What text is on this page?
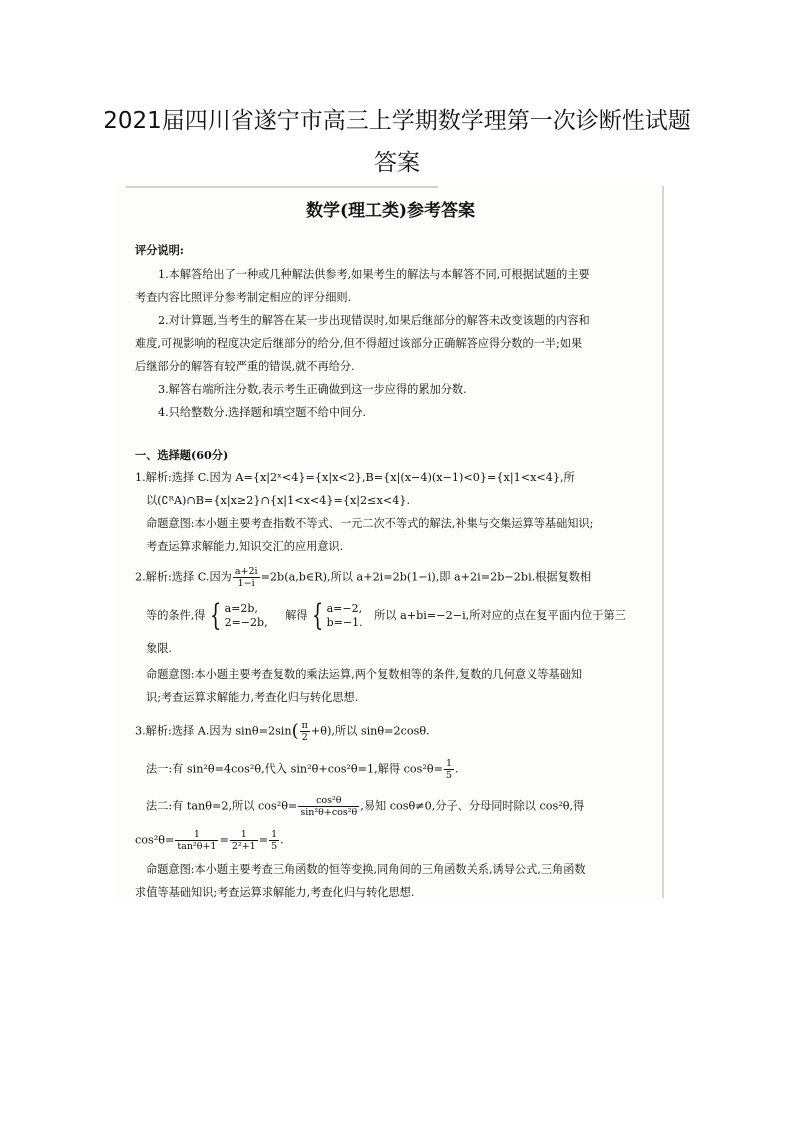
2021届四川省遂宁市高三上学期数学理第一次诊断性试题
答案
数学(理工类)参考答案
评分说明:
1.本解答给出了一种或几种解法供参考,如果考生的解法与本解答不同,可根据试题的主要
考查内容比照评分参考制定相应的评分细则.
2.对计算题,当考生的解答在某一步出现错误时,如果后继部分的解答未改变该题的内容和
难度,可视影响的程度决定后继部分的给分,但不得超过该部分正确解答应得分数的一半;如果
后继部分的解答有较严重的错误,就不再给分.
3.解答右端所注分数,表示考生正确做到这一步应得的累加分数.
4.只给整数分.选择题和填空题不给中间分.
一、选择题(60分)
1.解析:选择 C.因为 A={x|2ˣ<4}={x|x<2},B={x|(x−4)(x−1)<0}={x|1<x<4},所
以(∁ᴿA)∩B={x|x≥2}∩{x|1<x<4}={x|2≤x<4}.
命题意图:本小题主要考查指数不等式、一元二次不等式的解法,补集与交集运算等基础知识;
考查运算求解能力,知识交汇的应用意识.
2.解析:选择 C.因为 $\frac{a+2i}{1-i}$ =2b(a,b∈R),所以 a+2i=2b(1−i),即 a+2i=2b−2bi.根据复数相
等的条件,得 { a=2b,
2=−2b,
解得 { a=−2,
b=−1.
所以 a+bi=−2−i,所对应的点在复平面内位于第三
象限.
命题意图:本小题主要考查复数的乘法运算,两个复数相等的条件,复数的几何意义等基础知
识;考查运算求解能力,考查化归与转化思想.
3.解析:选择 A.因为 $\sin\theta=2\sin( \frac{\pi}{2} +\theta)$,所以 sinθ=2cosθ.
法一:有 sin²θ=4cos²θ,代入 sin²θ+cos²θ=1,解得 $\cos^2\theta= \frac{1}{5}$ .
法二:有 tanθ=2,所以 $\cos^2\theta= \frac{\text{cos²θ}}{\text{sin²θ+cos²θ}}$ ,易知 cosθ≠0,分子、分母同时除以 cos²θ,得
$\cos^2\theta= \frac{1}{\text{tan²θ+1}} = \frac{1}{\text{2²+1}} = \frac{1}{5}$ .
命题意图:本小题主要考查三角函数的恒等变换,同角间的三角函数关系,诱导公式,三角函数
求值等基础知识;考查运算求解能力,考查化归与转化思想.
